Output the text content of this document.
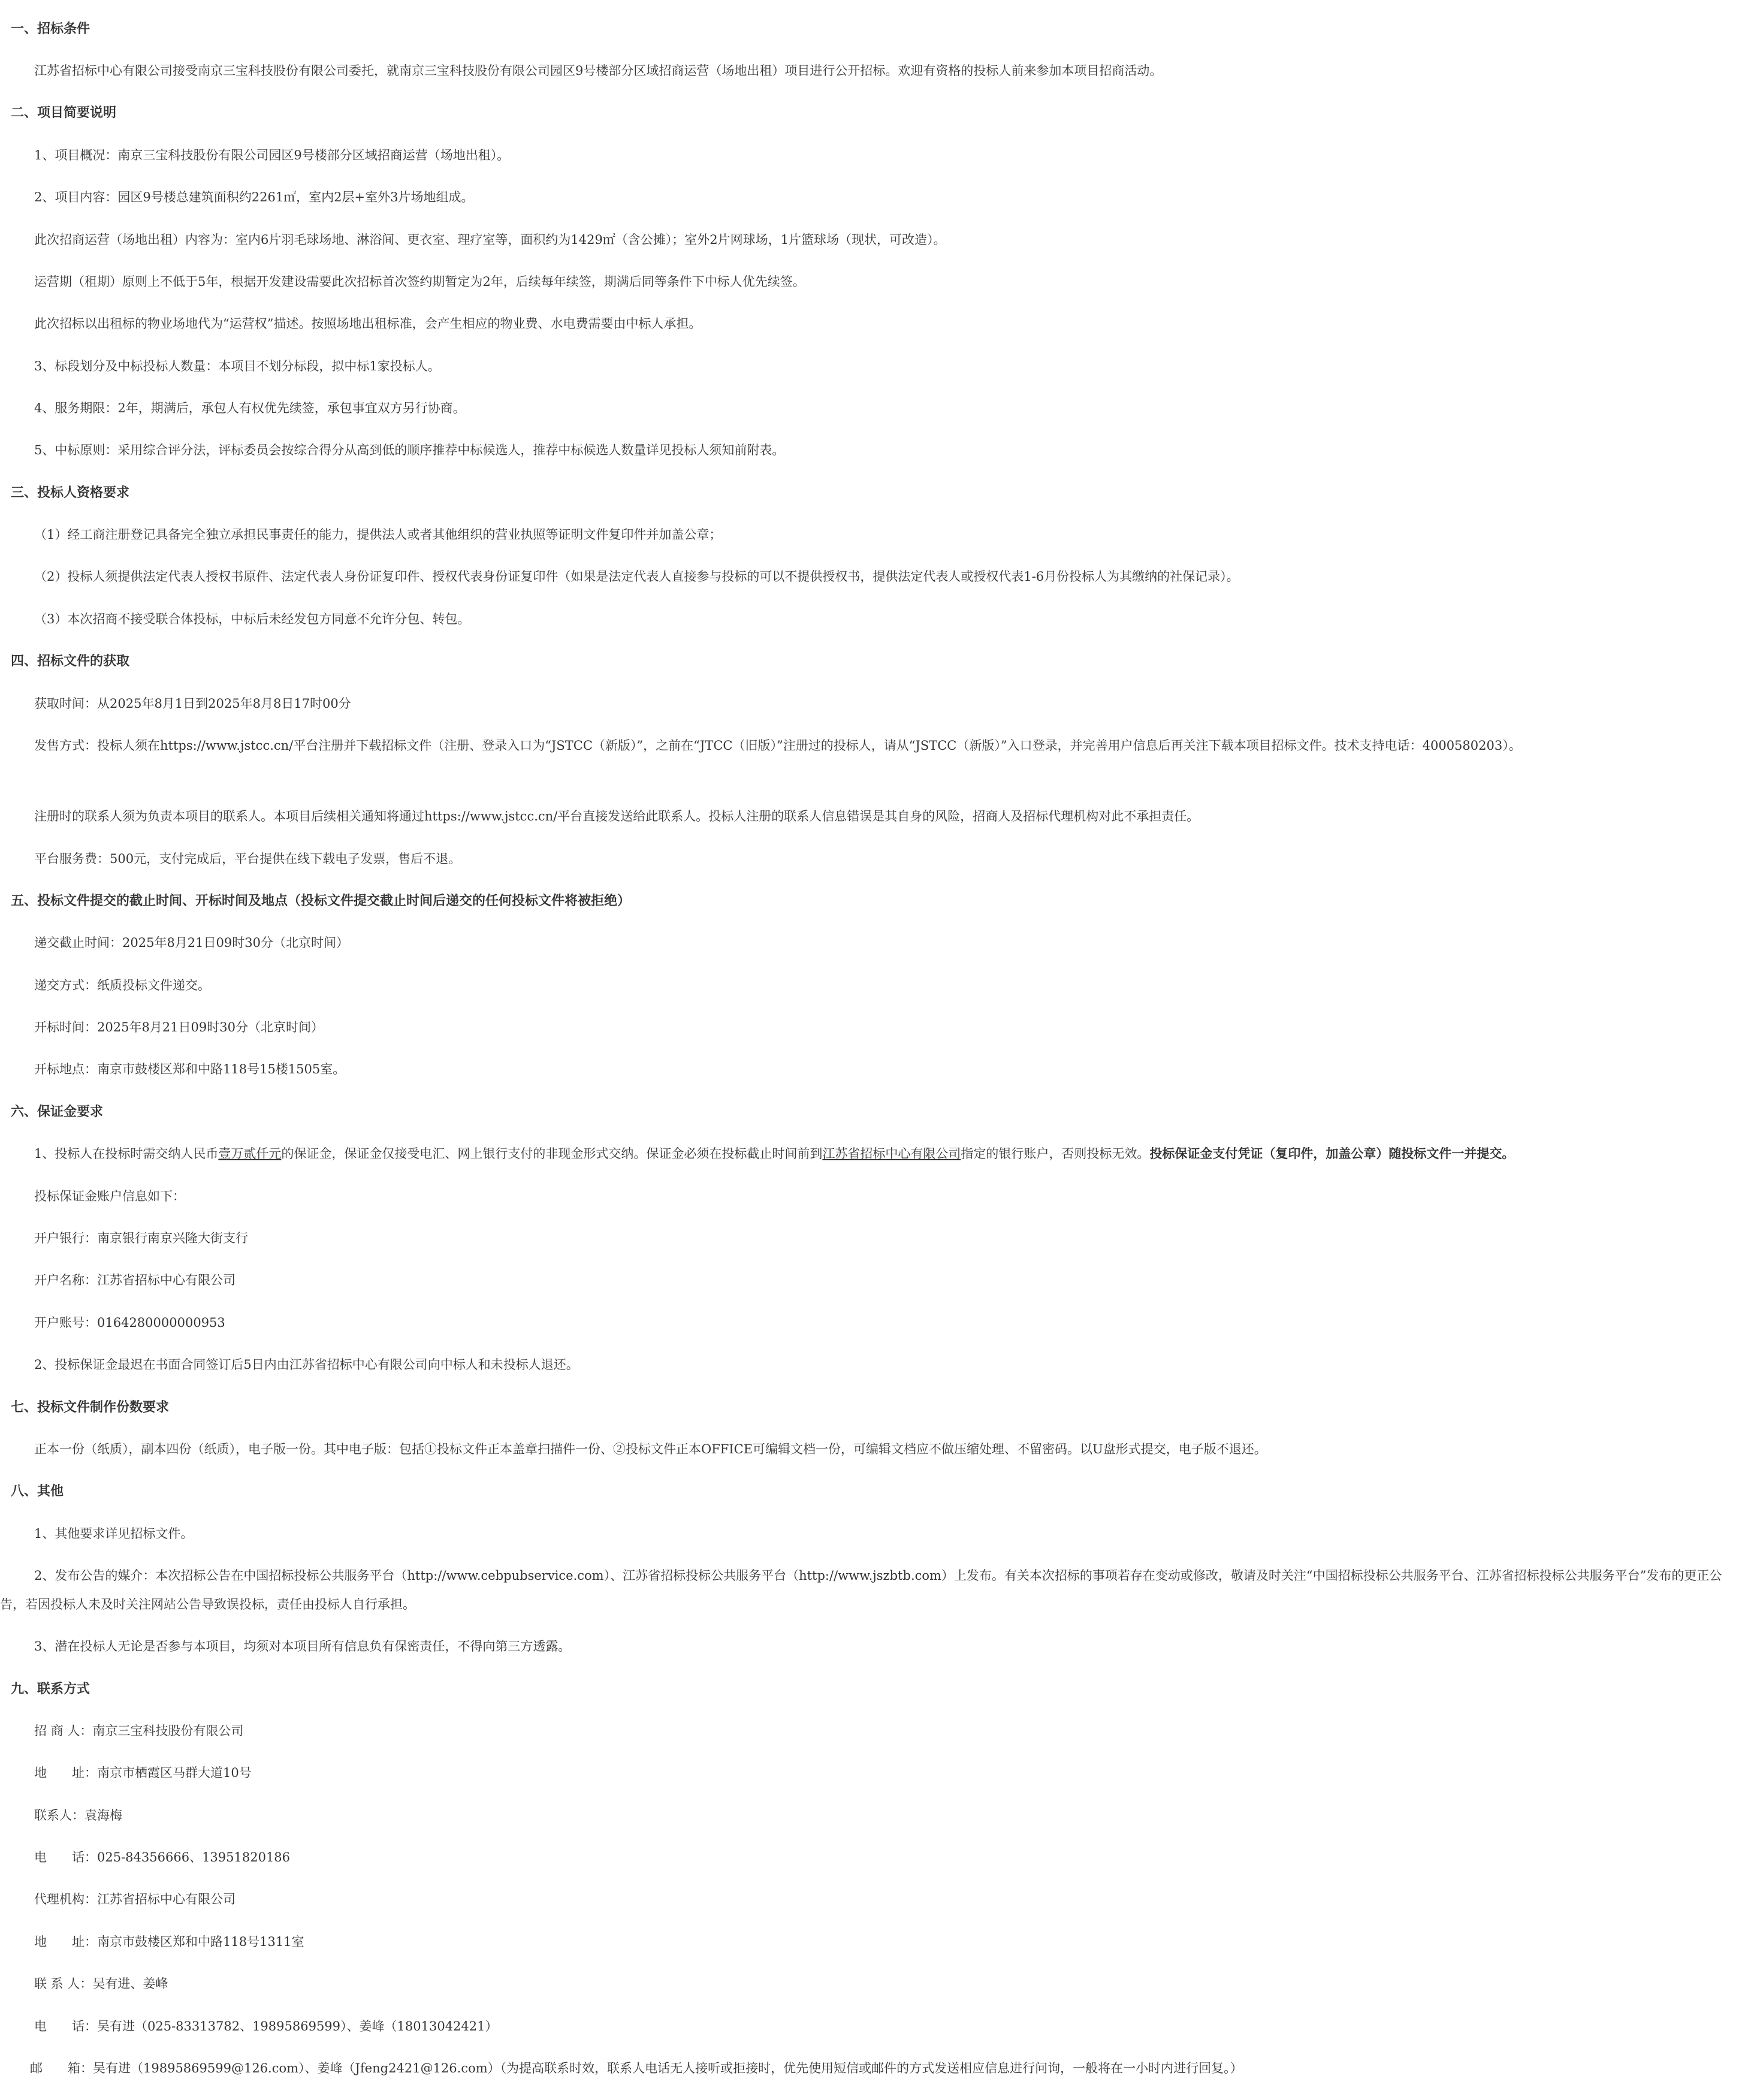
一、招标条件
江苏省招标中心有限公司接受南京三宝科技股份有限公司委托，就南京三宝科技股份有限公司园区9号楼部分区域招商运营（场地出租）项目进行公开招标。欢迎有资格的投标人前来参加本项目招商活动。
二、项目简要说明
1、项目概况：南京三宝科技股份有限公司园区9号楼部分区域招商运营（场地出租）。
2、项目内容：园区9号楼总建筑面积约2261㎡，室内2层+室外3片场地组成。
此次招商运营（场地出租）内容为：室内6片羽毛球场地、淋浴间、更衣室、理疗室等，面积约为1429㎡（含公摊）；室外2片网球场，1片篮球场（现状，可改造）。
运营期（租期）原则上不低于5年，根据开发建设需要此次招标首次签约期暂定为2年，后续每年续签，期满后同等条件下中标人优先续签。
此次招标以出租标的物业场地代为“运营权”描述。按照场地出租标准，会产生相应的物业费、水电费需要由中标人承担。
3、标段划分及中标投标人数量：本项目不划分标段，拟中标1家投标人。
4、服务期限：2年，期满后，承包人有权优先续签，承包事宜双方另行协商。
5、中标原则：采用综合评分法，评标委员会按综合得分从高到低的顺序推荐中标候选人，推荐中标候选人数量详见投标人须知前附表。
三、投标人资格要求
（1）经工商注册登记具备完全独立承担民事责任的能力，提供法人或者其他组织的营业执照等证明文件复印件并加盖公章；
（2）投标人须提供法定代表人授权书原件、法定代表人身份证复印件、授权代表身份证复印件（如果是法定代表人直接参与投标的可以不提供授权书，提供法定代表人或授权代表1-6月份投标人为其缴纳的社保记录）。
（3）本次招商不接受联合体投标，中标后未经发包方同意不允许分包、转包。
四、招标文件的获取
获取时间：从2025年8月1日到2025年8月8日17时00分
发售方式：投标人须在https://www.jstcc.cn/平台注册并下载招标文件（注册、登录入口为“JSTCC（新版）”，之前在“JTCC（旧版）”注册过的投标人，请从“JSTCC（新版）”入口登录，并完善用户信息后再关注下载本项目招标文件。技术支持电话：4000580203）。
注册时的联系人须为负责本项目的联系人。本项目后续相关通知将通过https://www.jstcc.cn/平台直接发送给此联系人。投标人注册的联系人信息错误是其自身的风险，招商人及招标代理机构对此不承担责任。
平台服务费：500元，支付完成后，平台提供在线下载电子发票，售后不退。
五、投标文件提交的截止时间、开标时间及地点（投标文件提交截止时间后递交的任何投标文件将被拒绝）
递交截止时间：2025年8月21日09时30分（北京时间）
递交方式：纸质投标文件递交。
开标时间：2025年8月21日09时30分（北京时间）
开标地点：南京市鼓楼区郑和中路118号15楼1505室。
六、保证金要求
1、投标人在投标时需交纳人民币壹万贰仟元的保证金，保证金仅接受电汇、网上银行支付的非现金形式交纳。保证金必须在投标截止时间前到江苏省招标中心有限公司指定的银行账户，否则投标无效。投标保证金支付凭证（复印件，加盖公章）随投标文件一并提交。
投标保证金账户信息如下：
开户银行：南京银行南京兴隆大街支行
开户名称：江苏省招标中心有限公司
开户账号：0164280000000953
2、投标保证金最迟在书面合同签订后5日内由江苏省招标中心有限公司向中标人和未投标人退还。
七、投标文件制作份数要求
正本一份（纸质），副本四份（纸质），电子版一份。其中电子版：包括①投标文件正本盖章扫描件一份、②投标文件正本OFFICE可编辑文档一份，可编辑文档应不做压缩处理、不留密码。以U盘形式提交，电子版不退还。
八、其他
1、其他要求详见招标文件。
2、发布公告的媒介：本次招标公告在中国招标投标公共服务平台（http://www.cebpubservice.com）、江苏省招标投标公共服务平台（http://www.jszbtb.com）上发布。有关本次招标的事项若存在变动或修改，敬请及时关注“中国招标投标公共服务平台、江苏省招标投标公共服务平台”发布的更正公告，若因投标人未及时关注网站公告导致误投标，责任由投标人自行承担。
3、潜在投标人无论是否参与本项目，均须对本项目所有信息负有保密责任，不得向第三方透露。
九、联系方式
招 商 人：南京三宝科技股份有限公司
地　　址：南京市栖霞区马群大道10号
联系人：袁海梅
电　　话：025-84356666、13951820186
代理机构：江苏省招标中心有限公司
地　　址：南京市鼓楼区郑和中路118号1311室
联 系 人：吴有进、姜峰
电　　话：吴有进（025-83313782、19895869599）、姜峰（18013042421）
邮　　箱：吴有进（19895869599@126.com）、姜峰（Jfeng2421@126.com）（为提高联系时效，联系人电话无人接听或拒接时，优先使用短信或邮件的方式发送相应信息进行问询，一般将在一小时内进行回复。）
